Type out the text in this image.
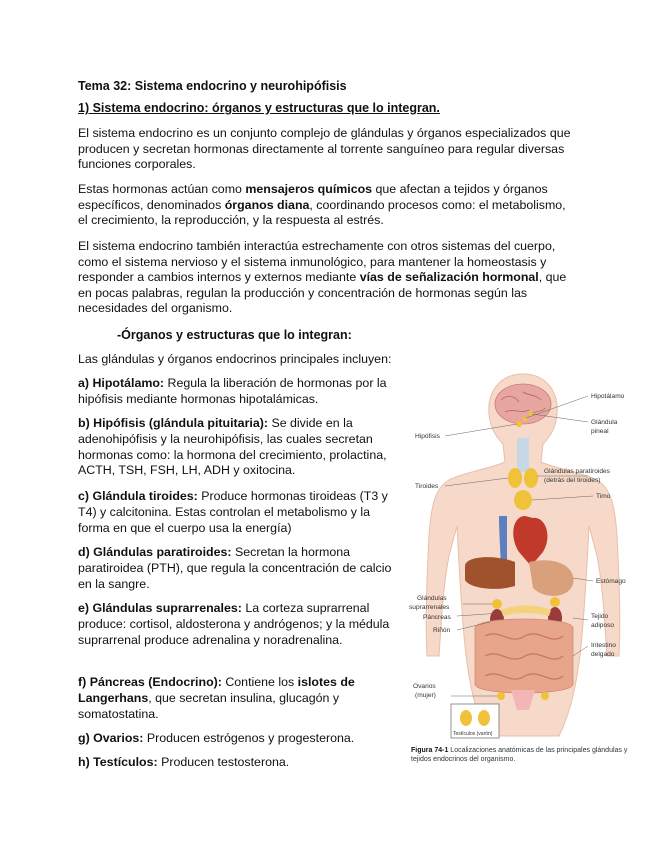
Tema 32: Sistema endocrino y neurohipófisis
1) Sistema endocrino: órganos y estructuras que lo integran.
El sistema endocrino es un conjunto complejo de glándulas y órganos especializados que producen y secretan hormonas directamente al torrente sanguíneo para regular diversas funciones corporales.
Estas hormonas actúan como mensajeros químicos que afectan a tejidos y órganos específicos, denominados órganos diana, coordinando procesos como: el metabolismo, el crecimiento, la reproducción, y la respuesta al estrés.
El sistema endocrino también interactúa estrechamente con otros sistemas del cuerpo, como el sistema nervioso y el sistema inmunológico, para mantener la homeostasis y responder a cambios internos y externos mediante vías de señalización hormonal, que en pocas palabras, regulan la producción y concentración de hormonas según las necesidades del organismo.
-Órganos y estructuras que lo integran:
Las glándulas y órganos endocrinos principales incluyen:
a) Hipotálamo: Regula la liberación de hormonas por la hipófisis mediante hormonas hipotalámicas.
b) Hipófisis (glándula pituitaria): Se divide en la adenohipófisis y la neurohipófisis, las cuales secretan hormonas como: la hormona del crecimiento, prolactina, ACTH, TSH, FSH, LH, ADH y oxitocina.
c) Glándula tiroides: Produce hormonas tiroideas (T3 y T4) y calcitonina. Estas controlan el metabolismo y la forma en que el cuerpo usa la energía)
d) Glándulas paratiroides: Secretan la hormona paratiroidea (PTH), que regula la concentración de calcio en la sangre.
e) Glándulas suprarrenales: La corteza suprarrenal produce: cortisol, aldosterona y andrógenos; y la médula suprarrenal produce adrenalina y noradrenalina.
f) Páncreas (Endocrino): Contiene los islotes de Langerhans, que secretan insulina, glucagón y somatostatina.
g) Ovarios: Producen estrógenos y progesterona.
h) Testículos: Producen testosterona.
Hipotálamo
Glándula
pineal
Hipófisis
Glándulas paratiroides
(detrás del tiroides)
Tiroides
Timo
Estómago
Glándulas
suprarrenales
Páncreas
Riñón
Tejido
adiposo
Intestino
delgado
Ovarios
(mujer)
Testículos (varón)
Figura 74-1 Localizaciones anatómicas de las principales glándulas y tejidos endocrinos del organismo.
